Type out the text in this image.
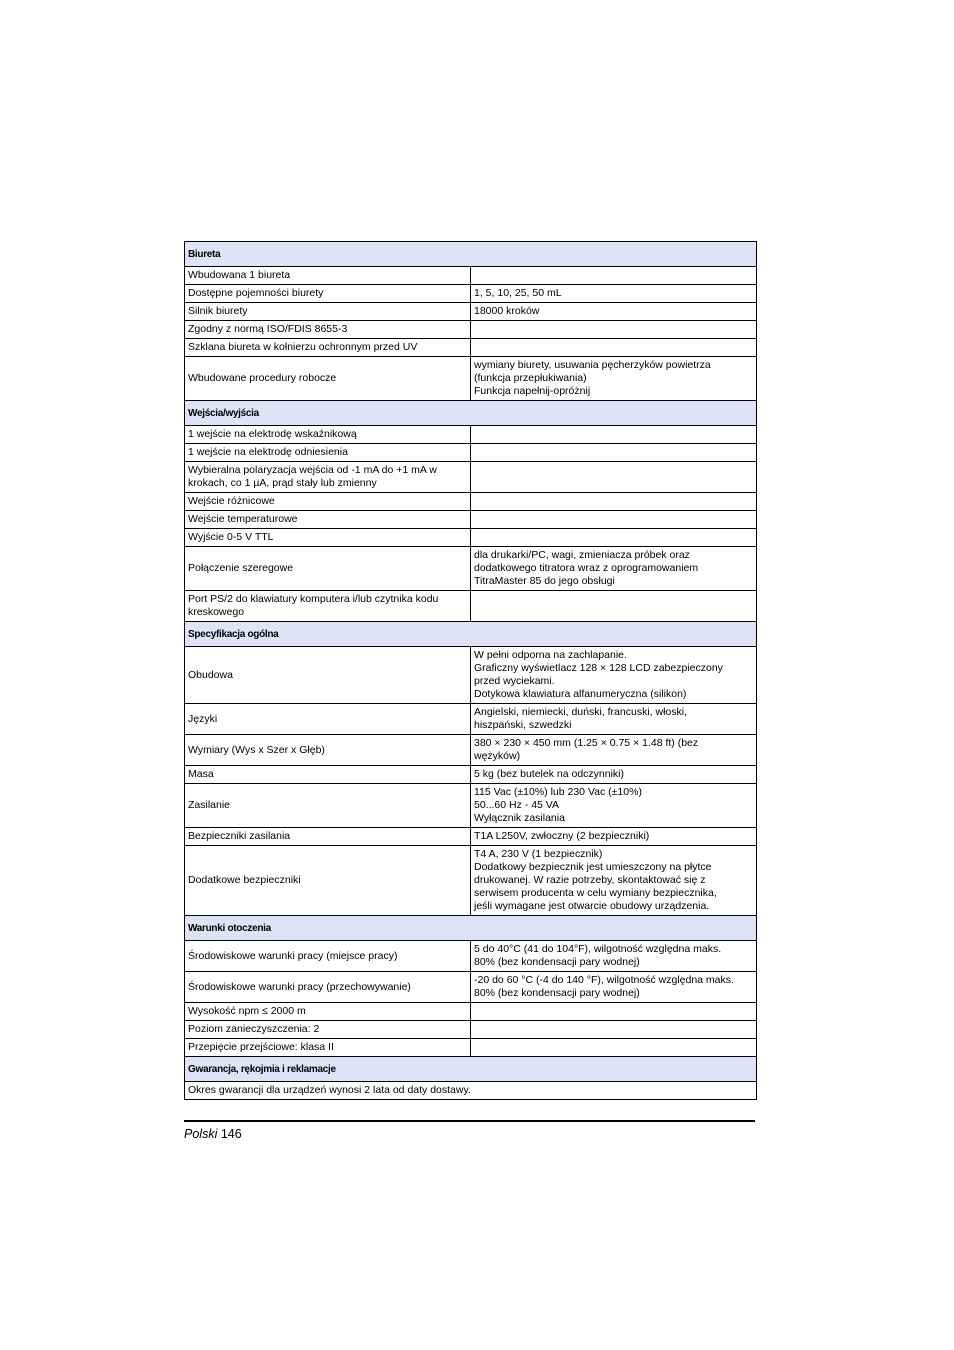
Biureta	
Wbudowana 1 biureta	
Dostępne pojemności biurety	1, 5, 10, 25, 50 mL
Silnik biurety	18000 kroków
Zgodny z normą ISO/FDIS 8655-3	
Szklana biureta w kołnierzu ochronnym przed UV	
Wbudowane procedury robocze	wymiany biurety, usuwania pęcherzyków powietrza
(funkcja przepłukiwania)
Funkcja napełnij-opróżnij
Wejścia/wyjścia	
1 wejście na elektrodę wskaźnikową	
1 wejście na elektrodę odniesienia	
Wybieralna polaryzacja wejścia od -1 mA do +1 mA w krokach, co 1 µA, prąd stały lub zmienny	
Wejście różnicowe	
Wejście temperaturowe	
Wyjście 0-5 V TTL	
Połączenie szeregowe	dla drukarki/PC, wagi, zmieniacza próbek oraz
dodatkowego titratora wraz z oprogramowaniem
TitraMaster 85 do jego obsługi
Port PS/2 do klawiatury komputera i/lub czytnika kodu kreskowego	
Specyfikacja ogólna	
Obudowa	W pełni odporna na zachlapanie.
Graficzny wyświetlacz 128 × 128 LCD zabezpieczony
przed wyciekami.
Dotykowa klawiatura alfanumeryczna (silikon)
Języki	Angielski, niemiecki, duński, francuski, włoski,
hiszpański, szwedzki
Wymiary (Wys x Szer x Głęb)	380 × 230 × 450 mm (1.25 × 0.75 × 1.48 ft) (bez
wężyków)
Masa	5 kg (bez butelek na odczynniki)
Zasilanie	115 Vac (±10%) lub 230 Vac (±10%)
50...60 Hz - 45 VA
Wyłącznik zasilania
Bezpieczniki zasilania	T1A L250V, zwłoczny (2 bezpieczniki)
Dodatkowe bezpieczniki	T4 A, 230 V (1 bezpiecznik)
Dodatkowy bezpiecznik jest umieszczony na płytce
drukowanej. W razie potrzeby, skontaktować się z
serwisem producenta w celu wymiany bezpiecznika,
jeśli wymagane jest otwarcie obudowy urządzenia.
Warunki otoczenia	
Środowiskowe warunki pracy (miejsce pracy)	5 do 40°C (41 do 104°F), wilgotność względna maks.
80% (bez kondensacji pary wodnej)
Środowiskowe warunki pracy (przechowywanie)	-20 do 60 °C (-4 do 140 °F), wilgotność względna maks.
80% (bez kondensacji pary wodnej)
Wysokość npm ≤ 2000 m	
Poziom zanieczyszczenia: 2	
Przepięcie przejściowe: klasa II	
Gwarancja, rękojmia i reklamacje	
Okres gwarancji dla urządzeń wynosi 2 lata od daty dostawy.	
Polski 146
